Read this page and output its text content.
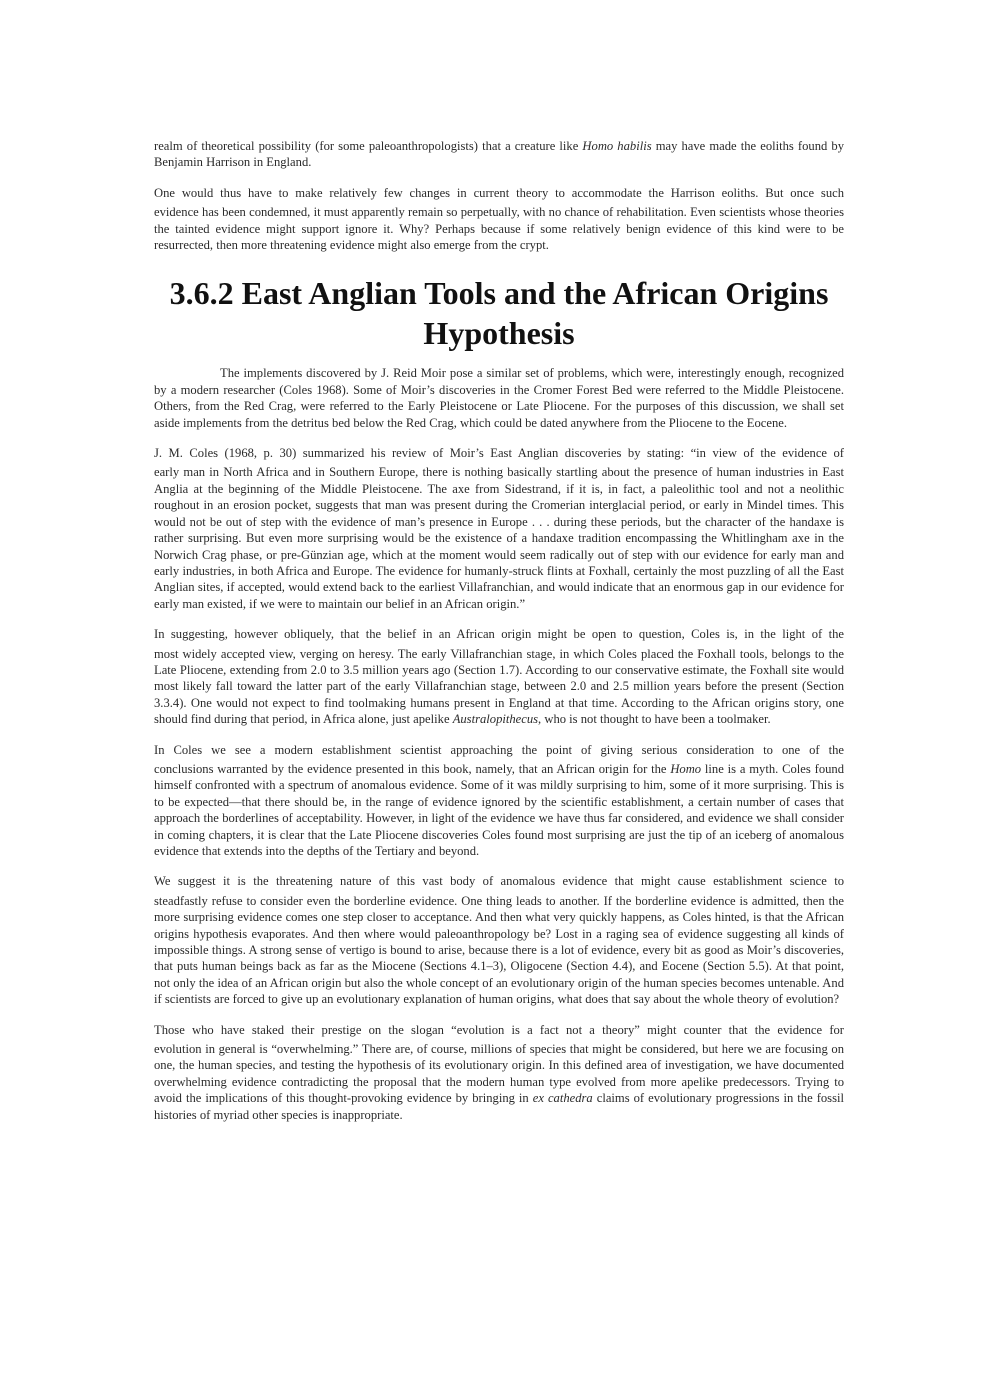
realm of theoretical possibility (for some paleoanthropologists) that a creature like Homo habilis may have made the eoliths found by Benjamin Harrison in England.

One would thus have to make relatively few changes in current theory to accommodate the Harrison eoliths. But once such
evidence has been condemned, it must apparently remain so perpetually, with no chance of rehabilitation. Even scientists whose theories the tainted evidence might support ignore it. Why? Perhaps because if some relatively benign evidence of this kind were to be resurrected, then more threatening evidence might also emerge from the crypt.

3.6.2 East Anglian Tools and the African Origins Hypothesis

The implements discovered by J. Reid Moir pose a similar set of problems, which were, interestingly enough, recognized by a modern researcher (Coles 1968). Some of Moir’s discoveries in the Cromer Forest Bed were referred to the Middle Pleistocene. Others, from the Red Crag, were referred to the Early Pleistocene or Late Pliocene. For the purposes of this discussion, we shall set aside implements from the detritus bed below the Red Crag, which could be dated anywhere from the Pliocene to the Eocene.

J. M. Coles (1968, p. 30) summarized his review of Moir’s East Anglian discoveries by stating: “in view of the evidence of
early man in North Africa and in Southern Europe, there is nothing basically startling about the presence of human industries in East Anglia at the beginning of the Middle Pleistocene. The axe from Sidestrand, if it is, in fact, a paleolithic tool and not a neolithic roughout in an erosion pocket, suggests that man was present during the Cromerian interglacial period, or early in Mindel times. This would not be out of step with the evidence of man’s presence in Europe . . . during these periods, but the character of the handaxe is rather surprising. But even more surprising would be the existence of a handaxe tradition encompassing the Whitlingham axe in the Norwich Crag phase, or pre-Günzian age, which at the moment would seem radically out of step with our evidence for early man and early industries, in both Africa and Europe. The evidence for humanly-struck flints at Foxhall, certainly the most puzzling of all the East Anglian sites, if accepted, would extend back to the earliest Villafranchian, and would indicate that an enormous gap in our evidence for early man existed, if we were to maintain our belief in an African origin.”

In suggesting, however obliquely, that the belief in an African origin might be open to question, Coles is, in the light of the
most widely accepted view, verging on heresy. The early Villafranchian stage, in which Coles placed the Foxhall tools, belongs to the Late Pliocene, extending from 2.0 to 3.5 million years ago (Section 1.7). According to our conservative estimate, the Foxhall site would most likely fall toward the latter part of the early Villafranchian stage, between 2.0 and 2.5 million years before the present (Section 3.3.4). One would not expect to find toolmaking humans present in England at that time. According to the African origins story, one should find during that period, in Africa alone, just apelike Australopithecus, who is not thought to have been a toolmaker.

In Coles we see a modern establishment scientist approaching the point of giving serious consideration to one of the
conclusions warranted by the evidence presented in this book, namely, that an African origin for the Homo line is a myth. Coles found himself confronted with a spectrum of anomalous evidence. Some of it was mildly surprising to him, some of it more surprising. This is to be expected—that there should be, in the range of evidence ignored by the scientific establishment, a certain number of cases that approach the borderlines of acceptability. However, in light of the evidence we have thus far considered, and evidence we shall consider in coming chapters, it is clear that the Late Pliocene discoveries Coles found most surprising are just the tip of an iceberg of anomalous evidence that extends into the depths of the Tertiary and beyond.

We suggest it is the threatening nature of this vast body of anomalous evidence that might cause establishment science to
steadfastly refuse to consider even the borderline evidence. One thing leads to another. If the borderline evidence is admitted, then the more surprising evidence comes one step closer to acceptance. And then what very quickly happens, as Coles hinted, is that the African origins hypothesis evaporates. And then where would paleoanthropology be? Lost in a raging sea of evidence suggesting all kinds of impossible things. A strong sense of vertigo is bound to arise, because there is a lot of evidence, every bit as good as Moir’s discoveries, that puts human beings back as far as the Miocene (Sections 4.1–3), Oligocene (Section 4.4), and Eocene (Section 5.5). At that point, not only the idea of an African origin but also the whole concept of an evolutionary origin of the human species becomes untenable. And if scientists are forced to give up an evolutionary explanation of human origins, what does that say about the whole theory of evolution?

Those who have staked their prestige on the slogan “evolution is a fact not a theory” might counter that the evidence for
evolution in general is “overwhelming.” There are, of course, millions of species that might be considered, but here we are focusing on one, the human species, and testing the hypothesis of its evolutionary origin. In this defined area of investigation, we have documented overwhelming evidence contradicting the proposal that the modern human type evolved from more apelike predecessors. Trying to avoid the implications of this thought-provoking evidence by bringing in ex cathedra claims of evolutionary progressions in the fossil histories of myriad other species is inappropriate.
